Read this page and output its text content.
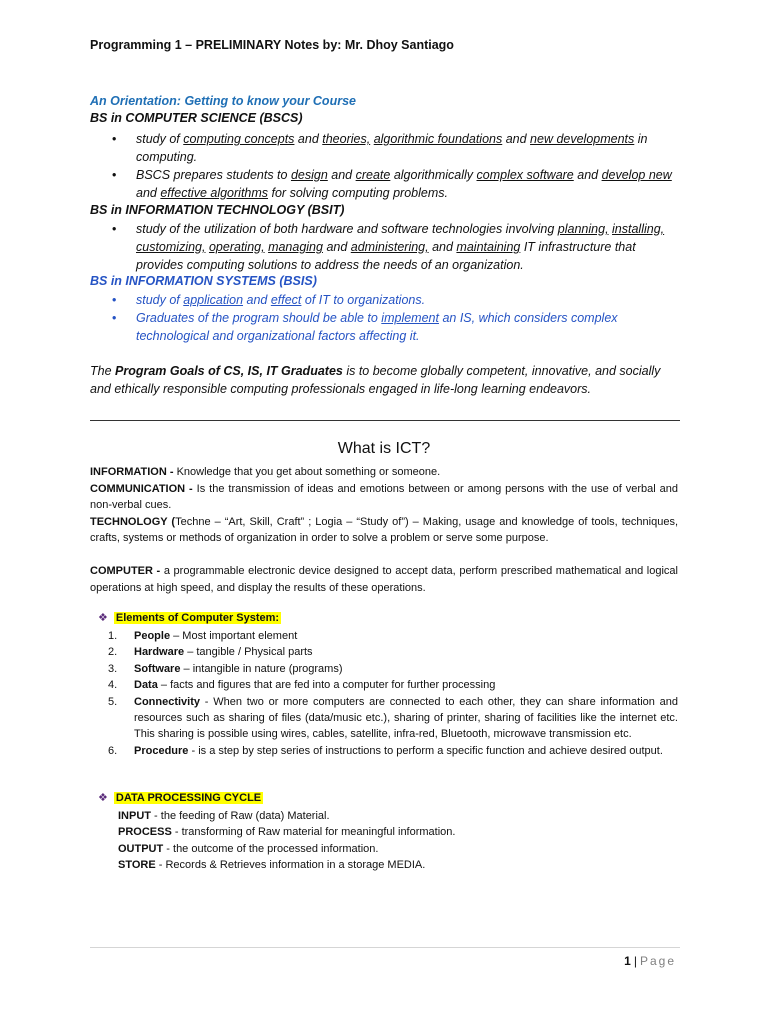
Programming 1 – PRELIMINARY Notes by: Mr. Dhoy Santiago
An Orientation: Getting to know your Course
BS in COMPUTER SCIENCE (BSCS)
• study of computing concepts and theories, algorithmic foundations and new developments in computing.
• BSCS prepares students to design and create algorithmically complex software and develop new and effective algorithms for solving computing problems.
BS in INFORMATION TECHNOLOGY (BSIT)
• study of the utilization of both hardware and software technologies involving planning, installing, customizing, operating, managing and administering, and maintaining IT infrastructure that provides computing solutions to address the needs of an organization.
BS in INFORMATION SYSTEMS (BSIS)
• study of application and effect of IT to organizations.
• Graduates of the program should be able to implement an IS, which considers complex technological and organizational factors affecting it.
The Program Goals of CS, IS, IT Graduates is to become globally competent, innovative, and socially and ethically responsible computing professionals engaged in life-long learning endeavors.
What is ICT?
INFORMATION - Knowledge that you get about something or someone.
COMMUNICATION - Is the transmission of ideas and emotions between or among persons with the use of verbal and non-verbal cues.
TECHNOLOGY (Techne – “Art, Skill, Craft” ; Logia – “Study of”) – Making, usage and knowledge of tools, techniques, crafts, systems or methods of organization in order to solve a problem or serve some purpose.
COMPUTER - a programmable electronic device designed to accept data, perform prescribed mathematical and logical operations at high speed, and display the results of these operations.
❖ Elements of Computer System:
1. People – Most important element
2. Hardware – tangible / Physical parts
3. Software – intangible in nature (programs)
4. Data – facts and figures that are fed into a computer for further processing
5. Connectivity - When two or more computers are connected to each other, they can share information and resources such as sharing of files (data/music etc.), sharing of printer, sharing of facilities like the internet etc. This sharing is possible using wires, cables, satellite, infra-red, Bluetooth, microwave transmission etc.
6. Procedure - is a step by step series of instructions to perform a specific function and achieve desired output.
❖ DATA PROCESSING CYCLE
INPUT - the feeding of Raw (data) Material.
PROCESS - transforming of Raw material for meaningful information.
OUTPUT - the outcome of the processed information.
STORE - Records & Retrieves information in a storage MEDIA.
1 | Page
